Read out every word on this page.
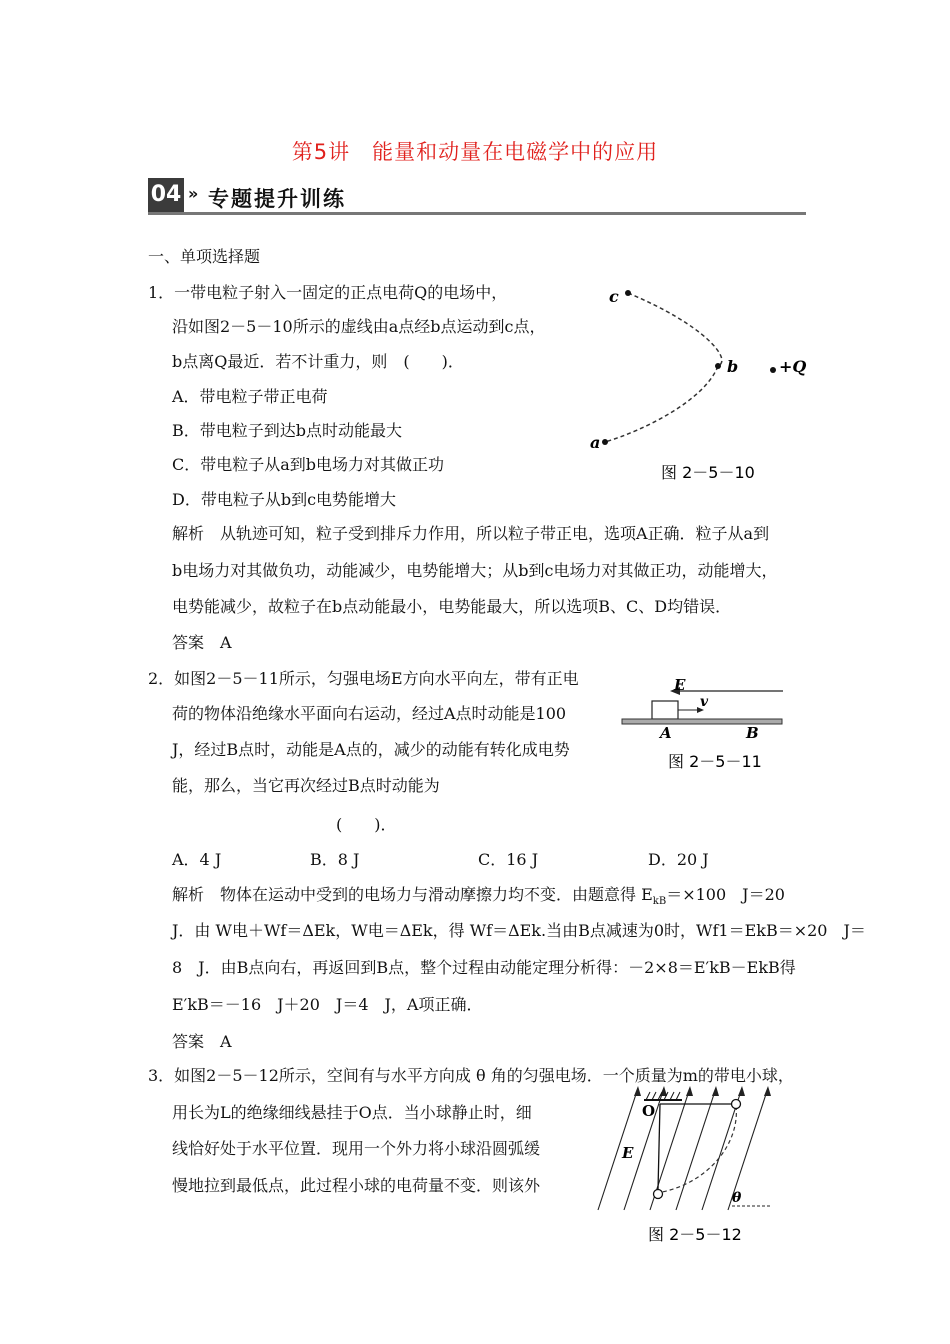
第5讲　能量和动量在电磁学中的应用
04 » 专题提升训练
一、单项选择题
1．一带电粒子射入一固定的正点电荷Q的电场中，
沿如图2－5－10所示的虚线由a点经b点运动到c点，
b点离Q最近．若不计重力，则　(　　)．
A．带电粒子带正电荷
B．带电粒子到达b点时动能最大
C．带电粒子从a到b电场力对其做正功
D．带电粒子从b到c电势能增大
解析　从轨迹可知，粒子受到排斥力作用，所以粒子带正电，选项A正确．粒子从a到
b电场力对其做负功，动能减少，电势能增大；从b到c电场力对其做正功，动能增大，
电势能减少，故粒子在b点动能最小，电势能最大，所以选项B、C、D均错误．
答案　A
c
b	+Q
a
图 2－5－10
2．如图2－5－11所示，匀强电场E方向水平向左，带有正电
荷的物体沿绝缘水平面向右运动，经过A点时动能是100
J，经过B点时，动能是A点的，减少的动能有转化成电势
能，那么，当它再次经过B点时动能为
(　　)．
A．4 J	B．8 J	C．16 J	D．20 J
解析　物体在运动中受到的电场力与滑动摩擦力均不变．由题意得 $E_{kB}=\times 100$　J＝20
J．由 W电＋Wf＝ΔEk，W电＝ΔEk，得 Wf＝ΔEk.当由B点减速为0时，Wf1＝EkB＝×20　J＝
8　J．由B点向右，再返回到B点，整个过程由动能定理分析得：－2×8＝E′kB－EkB得
E′kB＝－16　J＋20　J＝4　J，A项正确．
答案　A
E
v
A	B
图 2－5－11
3．如图2－5－12所示，空间有与水平方向成 θ 角的匀强电场．一个质量为m的带电小球，
用长为L的绝缘细线悬挂于O点．当小球静止时，细
线恰好处于水平位置．现用一个外力将小球沿圆弧缓
慢地拉到最低点，此过程小球的电荷量不变．则该外
O
E
θ
图 2－5－12
